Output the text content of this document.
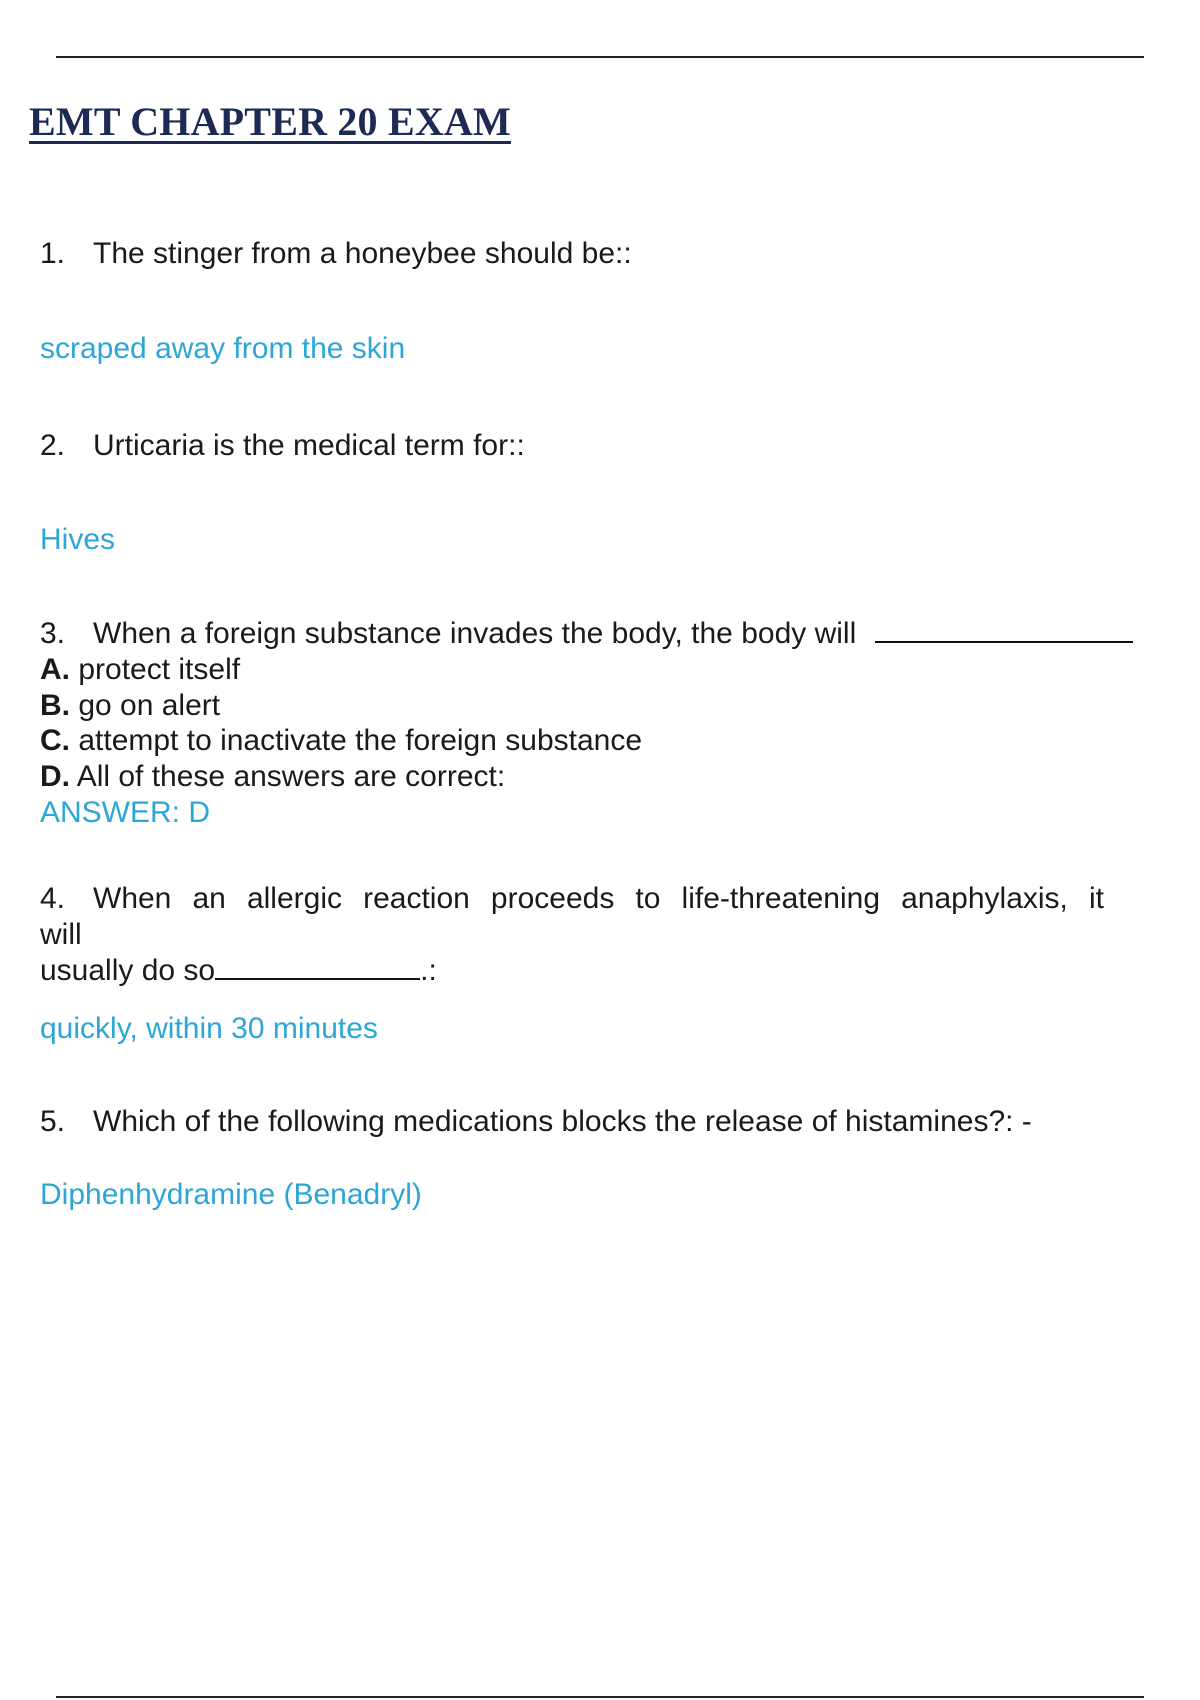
EMT CHAPTER 20 EXAM
1. The stinger from a honeybee should be::
scraped away from the skin
2. Urticaria is the medical term for::
Hives
3. When a foreign substance invades the body, the body will
A. protect itself
B. go on alert
C. attempt to inactivate the foreign substance
D. All of these answers are correct:
ANSWER: D
4. When an allergic reaction proceeds to life-threatening anaphylaxis, it will
usually do so	.:
quickly, within 30 minutes
5. Which of the following medications blocks the release of histamines?: -
Diphenhydramine (Benadryl)
